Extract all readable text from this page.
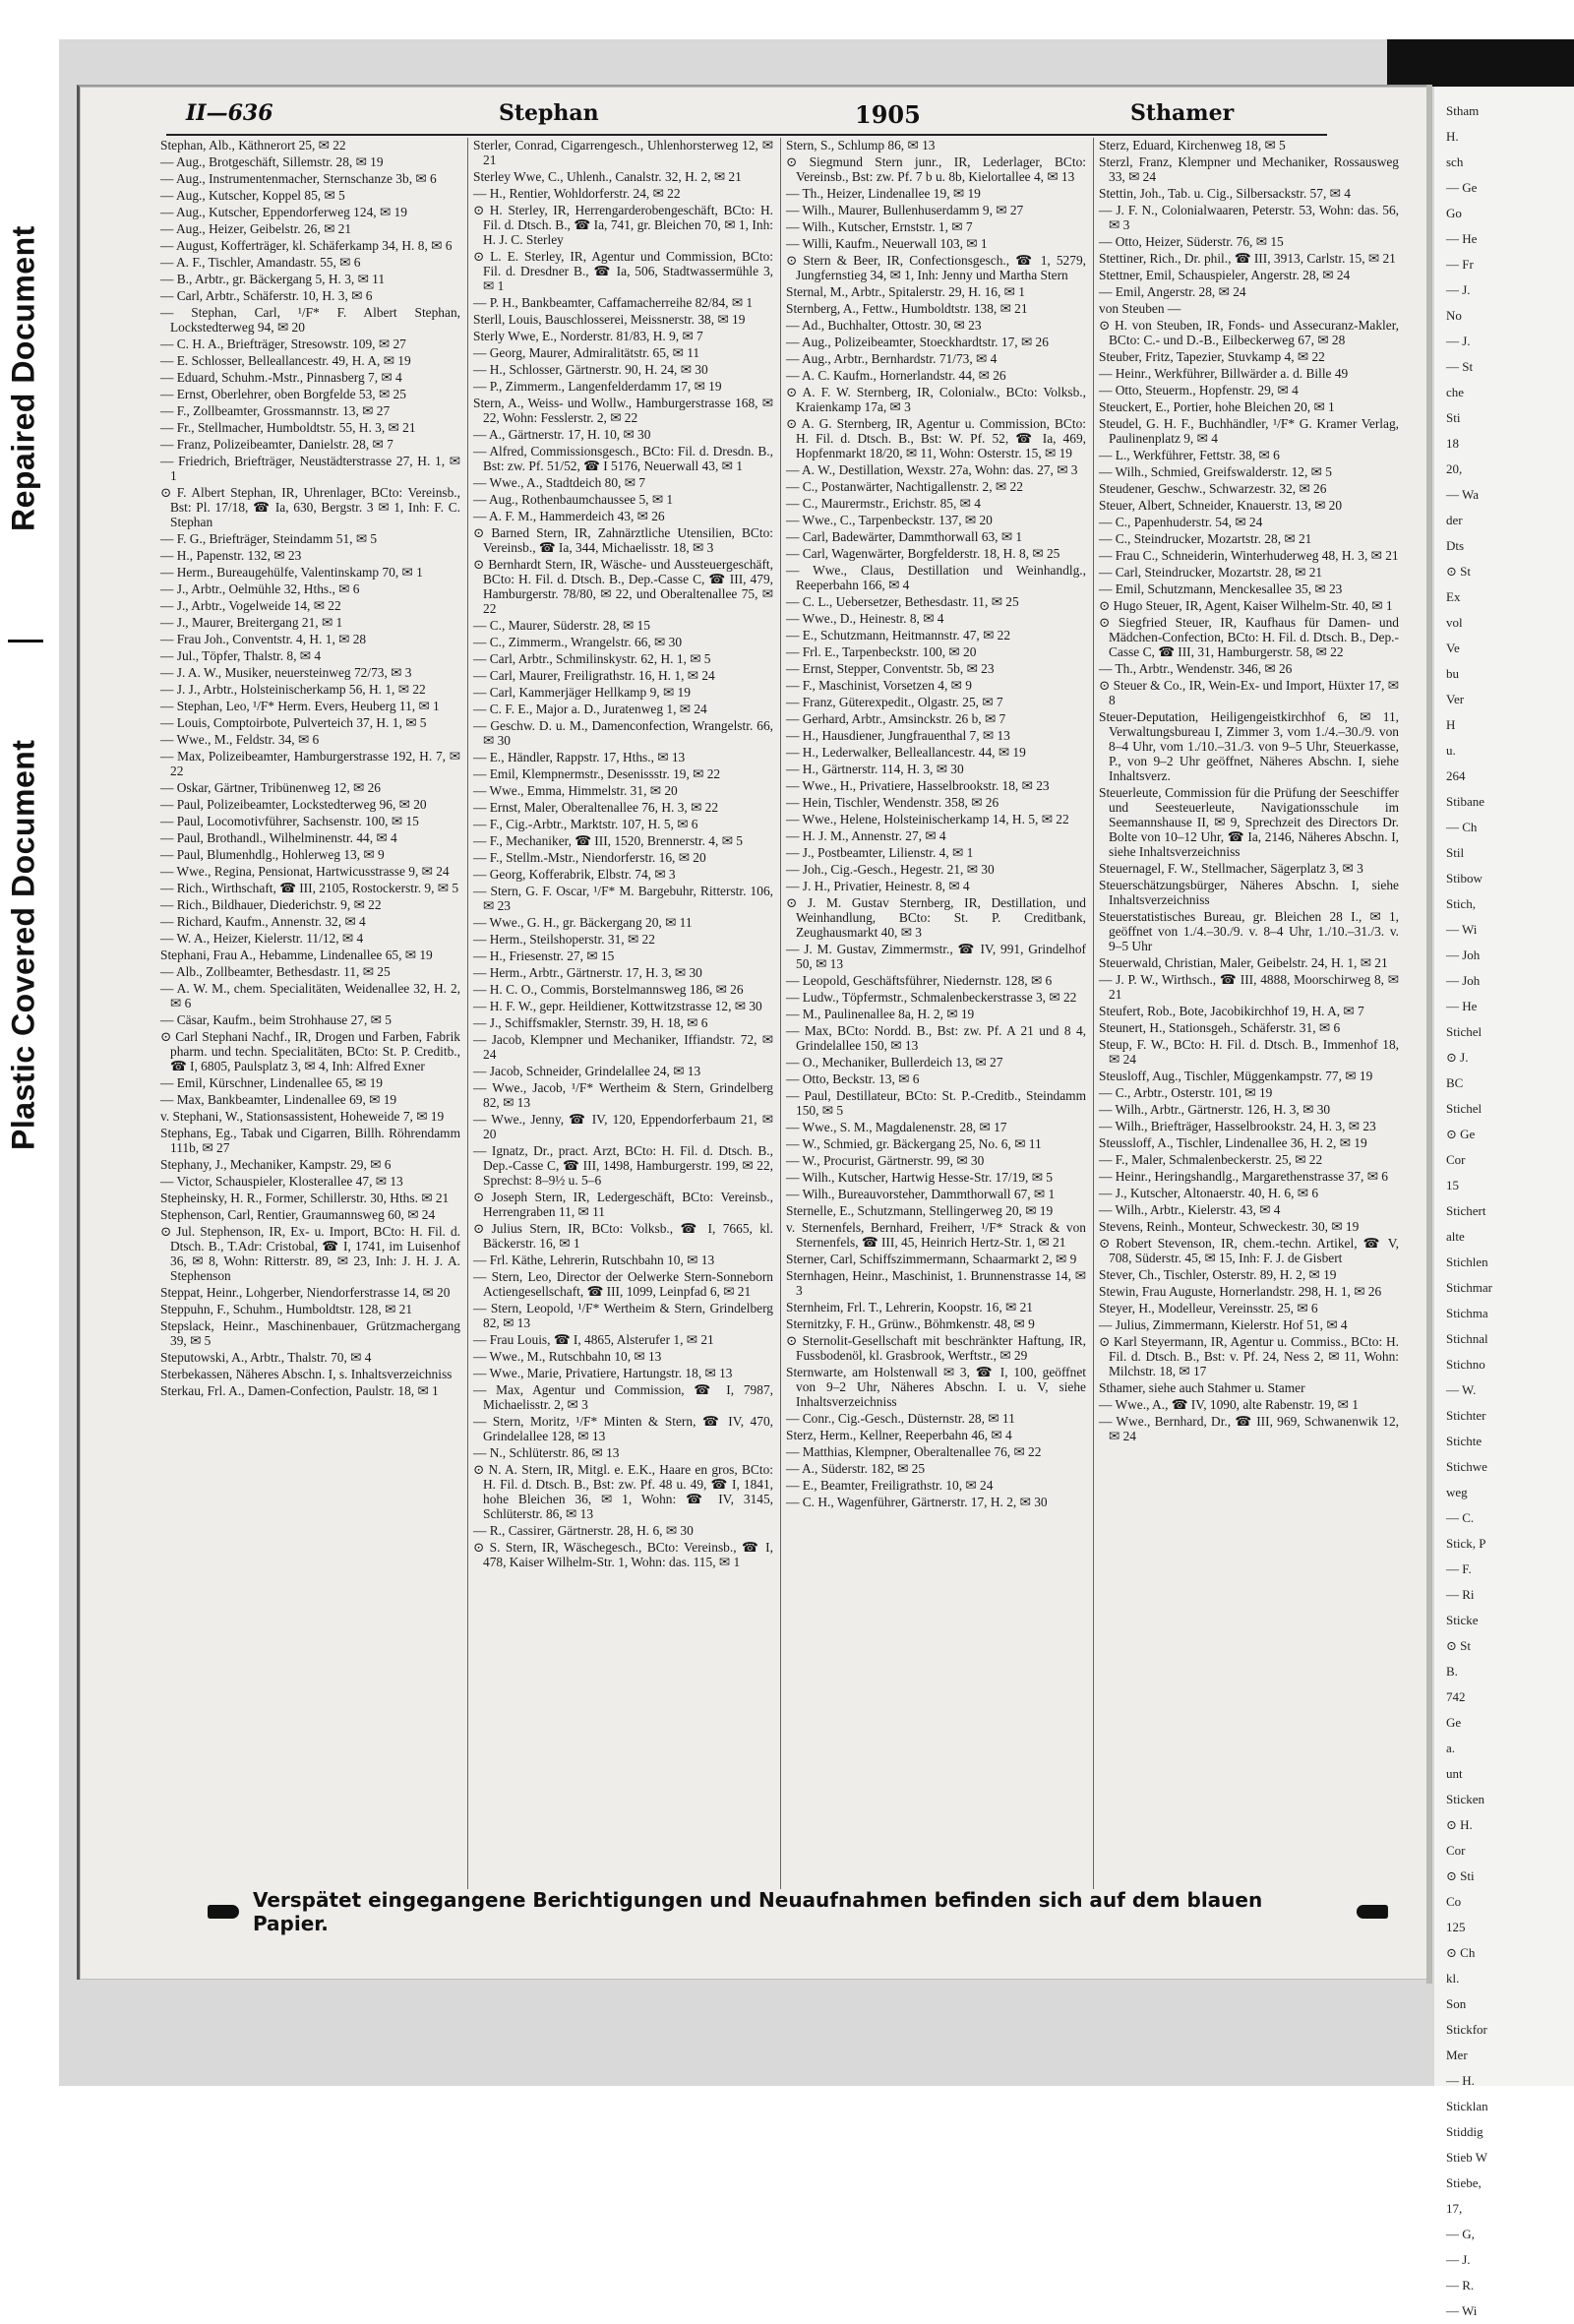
Repaired Document
Plastic Covered Document
II—636	Stephan	1905	Sthamer
Stephan, Alb., Käthnerort 25, ✉ 22
— Aug., Brotgeschäft, Sillemstr. 28, ✉ 19
— Aug., Instrumentenmacher, Sternschanze 3b, ✉ 6
— Aug., Kutscher, Koppel 85, ✉ 5
— Aug., Kutscher, Eppendorferweg 124, ✉ 19
— Aug., Heizer, Geibelstr. 26, ✉ 21
— August, Kofferträger, kl. Schäferkamp 34, H. 8, ✉ 6
— A. F., Tischler, Amandastr. 55, ✉ 6
— B., Arbtr., gr. Bäckergang 5, H. 3, ✉ 11
— Carl, Arbtr., Schäferstr. 10, H. 3, ✉ 6
— Stephan, Carl, ¹/F* F. Albert Stephan, Lockstedterweg 94, ✉ 20
— C. H. A., Briefträger, Stresowstr. 109, ✉ 27
— E. Schlosser, Belleallancestr. 49, H. A, ✉ 19
— Eduard, Schuhm.-Mstr., Pinnasberg 7, ✉ 4
— Ernst, Oberlehrer, oben Borgfelde 53, ✉ 25
— F., Zollbeamter, Grossmannstr. 13, ✉ 27
— Fr., Stellmacher, Humboldtstr. 55, H. 3, ✉ 21
— Franz, Polizeibeamter, Danielstr. 28, ✉ 7
— Friedrich, Briefträger, Neustädterstrasse 27, H. 1, ✉ 1
⊙ F. Albert Stephan, IR, Uhrenlager, BCto: Vereinsb., Bst: Pl. 17/18, ☎ Ia, 630, Bergstr. 3 ✉ 1, Inh: F. C. Stephan
— F. G., Briefträger, Steindamm 51, ✉ 5
— H., Papenstr. 132, ✉ 23
— Herm., Bureaugehülfe, Valentinskamp 70, ✉ 1
— J., Arbtr., Oelmühle 32, Hths., ✉ 6
— J., Arbtr., Vogelweide 14, ✉ 22
— J., Maurer, Breitergang 21, ✉ 1
— Frau Joh., Conventstr. 4, H. 1, ✉ 28
— Jul., Töpfer, Thalstr. 8, ✉ 4
— J. A. W., Musiker, neuersteinweg 72/73, ✉ 3
— J. J., Arbtr., Holsteinischerkamp 56, H. 1, ✉ 22
— Stephan, Leo, ¹/F* Herm. Evers, Heuberg 11, ✉ 1
— Louis, Comptoirbote, Pulverteich 37, H. 1, ✉ 5
— Wwe., M., Feldstr. 34, ✉ 6
— Max, Polizeibeamter, Hamburgerstrasse 192, H. 7, ✉ 22
— Oskar, Gärtner, Tribünenweg 12, ✉ 26
— Paul, Polizeibeamter, Lockstedterweg 96, ✉ 20
— Paul, Locomotivführer, Sachsenstr. 100, ✉ 15
— Paul, Brothandl., Wilhelminenstr. 44, ✉ 4
— Paul, Blumenhdlg., Hohlerweg 13, ✉ 9
— Wwe., Regina, Pensionat, Hartwicusstrasse 9, ✉ 24
— Rich., Wirthschaft, ☎ III, 2105, Rostockerstr. 9, ✉ 5
— Rich., Bildhauer, Diederichstr. 9, ✉ 22
— Richard, Kaufm., Annenstr. 32, ✉ 4
— W. A., Heizer, Kielerstr. 11/12, ✉ 4
Stephani, Frau A., Hebamme, Lindenallee 65, ✉ 19
— Alb., Zollbeamter, Bethesdastr. 11, ✉ 25
— A. W. M., chem. Specialitäten, Weidenallee 32, H. 2, ✉ 6
— Cäsar, Kaufm., beim Strohhause 27, ✉ 5
⊙ Carl Stephani Nachf., IR, Drogen und Farben, Fabrik pharm. und techn. Specialitäten, BCto: St. P. Creditb., ☎ I, 6805, Paulsplatz 3, ✉ 4, Inh: Alfred Exner
— Emil, Kürschner, Lindenallee 65, ✉ 19
— Max, Bankbeamter, Lindenallee 69, ✉ 19
v. Stephani, W., Stationsassistent, Hoheweide 7, ✉ 19
Stephans, Eg., Tabak und Cigarren, Billh. Röhrendamm 111b, ✉ 27
Stephany, J., Mechaniker, Kampstr. 29, ✉ 6
— Victor, Schauspieler, Klosterallee 47, ✉ 13
Stepheinsky, H. R., Former, Schillerstr. 30, Hths. ✉ 21
Stephenson, Carl, Rentier, Graumannsweg 60, ✉ 24
⊙ Jul. Stephenson, IR, Ex- u. Import, BCto: H. Fil. d. Dtsch. B., T.Adr: Cristobal, ☎ I, 1741, im Luisenhof 36, ✉ 8, Wohn: Ritterstr. 89, ✉ 23, Inh: J. H. J. A. Stephenson
Steppat, Heinr., Lohgerber, Niendorferstrasse 14, ✉ 20
Steppuhn, F., Schuhm., Humboldtstr. 128, ✉ 21
Stepslack, Heinr., Maschinenbauer, Grützmachergang 39, ✉ 5
Steputowski, A., Arbtr., Thalstr. 70, ✉ 4
Sterbekassen, Näheres Abschn. I, s. Inhaltsverzeichniss
Sterkau, Frl. A., Damen-Confection, Paulstr. 18, ✉ 1
Sterler, Conrad, Cigarrengesch., Uhlenhorsterweg 12, ✉ 21
Sterley Wwe, C., Uhlenh., Canalstr. 32, H. 2, ✉ 21
— H., Rentier, Wohldorferstr. 24, ✉ 22
⊙ H. Sterley, IR, Herrengarderobengeschäft, BCto: H. Fil. d. Dtsch. B., ☎ Ia, 741, gr. Bleichen 70, ✉ 1, Inh: H. J. C. Sterley
⊙ L. E. Sterley, IR, Agentur und Commission, BCto: Fil. d. Dresdner B., ☎ Ia, 506, Stadtwassermühle 3, ✉ 1
— P. H., Bankbeamter, Caffamacherreihe 82/84, ✉ 1
Sterll, Louis, Bauschlosserei, Meissnerstr. 38, ✉ 19
Sterly Wwe, E., Norderstr. 81/83, H. 9, ✉ 7
— Georg, Maurer, Admiralitätstr. 65, ✉ 11
— H., Schlosser, Gärtnerstr. 90, H. 24, ✉ 30
— P., Zimmerm., Langenfelderdamm 17, ✉ 19
Stern, A., Weiss- und Wollw., Hamburgerstrasse 168, ✉ 22, Wohn: Fesslerstr. 2, ✉ 22
— A., Gärtnerstr. 17, H. 10, ✉ 30
— Alfred, Commissionsgesch., BCto: Fil. d. Dresdn. B., Bst: zw. Pf. 51/52, ☎ I 5176, Neuerwall 43, ✉ 1
— Wwe., A., Stadtdeich 80, ✉ 7
— Aug., Rothenbaumchaussee 5, ✉ 1
— A. F. M., Hammerdeich 43, ✉ 26
⊙ Barned Stern, IR, Zahnärztliche Utensilien, BCto: Vereinsb., ☎ Ia, 344, Michaelisstr. 18, ✉ 3
⊙ Bernhardt Stern, IR, Wäsche- und Aussteuergeschäft, BCto: H. Fil. d. Dtsch. B., Dep.-Casse C, ☎ III, 479, Hamburgerstr. 78/80, ✉ 22, und Oberaltenallee 75, ✉ 22
— C., Maurer, Süderstr. 28, ✉ 15
— C., Zimmerm., Wrangelstr. 66, ✉ 30
— Carl, Arbtr., Schmilinskystr. 62, H. 1, ✉ 5
— Carl, Maurer, Freiligrathstr. 16, H. 1, ✉ 24
— Carl, Kammerjäger Hellkamp 9, ✉ 19
— C. F. E., Major a. D., Juratenweg 1, ✉ 24
— Geschw. D. u. M., Damenconfection, Wrangelstr. 66, ✉ 30
— E., Händler, Rappstr. 17, Hths., ✉ 13
— Emil, Klempnermstr., Desenissstr. 19, ✉ 22
— Wwe., Emma, Himmelstr. 31, ✉ 20
— Ernst, Maler, Oberaltenallee 76, H. 3, ✉ 22
— F., Cig.-Arbtr., Marktstr. 107, H. 5, ✉ 6
— F., Mechaniker, ☎ III, 1520, Brennerstr. 4, ✉ 5
— F., Stellm.-Mstr., Niendorferstr. 16, ✉ 20
— Georg, Kofferabrik, Elbstr. 74, ✉ 3
— Stern, G. F. Oscar, ¹/F* M. Bargebuhr, Ritterstr. 106, ✉ 23
— Wwe., G. H., gr. Bäckergang 20, ✉ 11
— Herm., Steilshoperstr. 31, ✉ 22
— H., Friesenstr. 27, ✉ 15
— Herm., Arbtr., Gärtnerstr. 17, H. 3, ✉ 30
— H. C. O., Commis, Borstelmannsweg 186, ✉ 26
— H. F. W., gepr. Heildiener, Kottwitzstrasse 12, ✉ 30
— J., Schiffsmakler, Sternstr. 39, H. 18, ✉ 6
— Jacob, Klempner und Mechaniker, Iffiandstr. 72, ✉ 24
— Jacob, Schneider, Grindelallee 24, ✉ 13
— Wwe., Jacob, ¹/F* Wertheim & Stern, Grindelberg 82, ✉ 13
— Wwe., Jenny, ☎ IV, 120, Eppendorferbaum 21, ✉ 20
— Ignatz, Dr., pract. Arzt, BCto: H. Fil. d. Dtsch. B., Dep.-Casse C, ☎ III, 1498, Hamburgerstr. 199, ✉ 22, Sprechst: 8–9½ u. 5–6
⊙ Joseph Stern, IR, Ledergeschäft, BCto: Vereinsb., Herrengraben 11, ✉ 11
⊙ Julius Stern, IR, BCto: Volksb., ☎ I, 7665, kl. Bäckerstr. 16, ✉ 1
— Frl. Käthe, Lehrerin, Rutschbahn 10, ✉ 13
— Stern, Leo, Director der Oelwerke Stern-Sonneborn Actiengesellschaft, ☎ III, 1099, Leinpfad 6, ✉ 21
— Stern, Leopold, ¹/F* Wertheim & Stern, Grindelberg 82, ✉ 13
— Frau Louis, ☎ I, 4865, Alsterufer 1, ✉ 21
— Wwe., M., Rutschbahn 10, ✉ 13
— Wwe., Marie, Privatiere, Hartungstr. 18, ✉ 13
— Max, Agentur und Commission, ☎ I, 7987, Michaelisstr. 2, ✉ 3
— Stern, Moritz, ¹/F* Minten & Stern, ☎ IV, 470, Grindelallee 128, ✉ 13
— N., Schlüterstr. 86, ✉ 13
⊙ N. A. Stern, IR, Mitgl. e. E.K., Haare en gros, BCto: H. Fil. d. Dtsch. B., Bst: zw. Pf. 48 u. 49, ☎ I, 1841, hohe Bleichen 36, ✉ 1, Wohn: ☎ IV, 3145, Schlüterstr. 86, ✉ 13
— R., Cassirer, Gärtnerstr. 28, H. 6, ✉ 30
⊙ S. Stern, IR, Wäschegesch., BCto: Vereinsb., ☎ I, 478, Kaiser Wilhelm-Str. 1, Wohn: das. 115, ✉ 1
Stern, S., Schlump 86, ✉ 13
⊙ Siegmund Stern junr., IR, Lederlager, BCto: Vereinsb., Bst: zw. Pf. 7 b u. 8b, Kielortallee 4, ✉ 13
— Th., Heizer, Lindenallee 19, ✉ 19
— Wilh., Maurer, Bullenhuserdamm 9, ✉ 27
— Wilh., Kutscher, Ernststr. 1, ✉ 7
— Willi, Kaufm., Neuerwall 103, ✉ 1
⊙ Stern & Beer, IR, Confectionsgesch., ☎ 1, 5279, Jungfernstieg 34, ✉ 1, Inh: Jenny und Martha Stern
Sternal, M., Arbtr., Spitalerstr. 29, H. 16, ✉ 1
Sternberg, A., Fettw., Humboldtstr. 138, ✉ 21
— Ad., Buchhalter, Ottostr. 30, ✉ 23
— Aug., Polizeibeamter, Stoeckhardtstr. 17, ✉ 26
— Aug., Arbtr., Bernhardstr. 71/73, ✉ 4
— A. C. Kaufm., Hornerlandstr. 44, ✉ 26
⊙ A. F. W. Sternberg, IR, Colonialw., BCto: Volksb., Kraienkamp 17a, ✉ 3
⊙ A. G. Sternberg, IR, Agentur u. Commission, BCto: H. Fil. d. Dtsch. B., Bst: W. Pf. 52, ☎ Ia, 469, Hopfenmarkt 18/20, ✉ 11, Wohn: Osterstr. 15, ✉ 19
— A. W., Destillation, Wexstr. 27a, Wohn: das. 27, ✉ 3
— C., Postanwärter, Nachtigallenstr. 2, ✉ 22
— C., Maurermstr., Erichstr. 85, ✉ 4
— Wwe., C., Tarpenbeckstr. 137, ✉ 20
— Carl, Badewärter, Dammthorwall 63, ✉ 1
— Carl, Wagenwärter, Borgfelderstr. 18, H. 8, ✉ 25
— Wwe., Claus, Destillation und Weinhandlg., Reeperbahn 166, ✉ 4
— C. L., Uebersetzer, Bethesdastr. 11, ✉ 25
— Wwe., D., Heinestr. 8, ✉ 4
— E., Schutzmann, Heitmannstr. 47, ✉ 22
— Frl. E., Tarpenbeckstr. 100, ✉ 20
— Ernst, Stepper, Conventstr. 5b, ✉ 23
— F., Maschinist, Vorsetzen 4, ✉ 9
— Franz, Güterexpedit., Olgastr. 25, ✉ 7
— Gerhard, Arbtr., Amsinckstr. 26 b, ✉ 7
— H., Hausdiener, Jungfrauenthal 7, ✉ 13
— H., Lederwalker, Belleallancestr. 44, ✉ 19
— H., Gärtnerstr. 114, H. 3, ✉ 30
— Wwe., H., Privatiere, Hasselbrookstr. 18, ✉ 23
— Hein, Tischler, Wendenstr. 358, ✉ 26
— Wwe., Helene, Holsteinischerkamp 14, H. 5, ✉ 22
— H. J. M., Annenstr. 27, ✉ 4
— J., Postbeamter, Lilienstr. 4, ✉ 1
— Joh., Cig.-Gesch., Hegestr. 21, ✉ 30
— J. H., Privatier, Heinestr. 8, ✉ 4
⊙ J. M. Gustav Sternberg, IR, Destillation, und Weinhandlung, BCto: St. P. Creditbank, Zeughausmarkt 40, ✉ 3
— J. M. Gustav, Zimmermstr., ☎ IV, 991, Grindelhof 50, ✉ 13
— Leopold, Geschäftsführer, Niedernstr. 128, ✉ 6
— Ludw., Töpfermstr., Schmalenbeckerstrasse 3, ✉ 22
— M., Paulinenallee 8a, H. 2, ✉ 19
— Max, BCto: Nordd. B., Bst: zw. Pf. A 21 und 8 4, Grindelallee 150, ✉ 13
— O., Mechaniker, Bullerdeich 13, ✉ 27
— Otto, Beckstr. 13, ✉ 6
— Paul, Destillateur, BCto: St. P.-Creditb., Steindamm 150, ✉ 5
— Wwe., S. M., Magdalenenstr. 28, ✉ 17
— W., Schmied, gr. Bäckergang 25, No. 6, ✉ 11
— W., Procurist, Gärtnerstr. 99, ✉ 30
— Wilh., Kutscher, Hartwig Hesse-Str. 17/19, ✉ 5
— Wilh., Bureauvorsteher, Dammthorwall 67, ✉ 1
Sternelle, E., Schutzmann, Stellingerweg 20, ✉ 19
v. Sternenfels, Bernhard, Freiherr, ¹/F* Strack & von Sternenfels, ☎ III, 45, Heinrich Hertz-Str. 1, ✉ 21
Sterner, Carl, Schiffszimmermann, Schaarmarkt 2, ✉ 9
Sternhagen, Heinr., Maschinist, 1. Brunnenstrasse 14, ✉ 3
Sternheim, Frl. T., Lehrerin, Koopstr. 16, ✉ 21
Sternitzky, F. H., Grünw., Böhmkenstr. 48, ✉ 9
⊙ Sternolit-Gesellschaft mit beschränkter Haftung, IR, Fussbodenöl, kl. Grasbrook, Werftstr., ✉ 29
Sternwarte, am Holstenwall ✉ 3, ☎ I, 100, geöffnet von 9–2 Uhr, Näheres Abschn. I. u. V, siehe Inhaltsverzeichniss
— Conr., Cig.-Gesch., Düsternstr. 28, ✉ 11
Sterz, Herm., Kellner, Reeperbahn 46, ✉ 4
— Matthias, Klempner, Oberaltenallee 76, ✉ 22
— A., Süderstr. 182, ✉ 25
— E., Beamter, Freiligrathstr. 10, ✉ 24
— C. H., Wagenführer, Gärtnerstr. 17, H. 2, ✉ 30
Sterz, Eduard, Kirchenweg 18, ✉ 5
Sterzl, Franz, Klempner und Mechaniker, Rossausweg 33, ✉ 24
Stettin, Joh., Tab. u. Cig., Silbersackstr. 57, ✉ 4
— J. F. N., Colonialwaaren, Peterstr. 53, Wohn: das. 56, ✉ 3
— Otto, Heizer, Süderstr. 76, ✉ 15
Stettiner, Rich., Dr. phil., ☎ III, 3913, Carlstr. 15, ✉ 21
Stettner, Emil, Schauspieler, Angerstr. 28, ✉ 24
— Emil, Angerstr. 28, ✉ 24
von Steuben —
⊙ H. von Steuben, IR, Fonds- und Assecuranz-Makler, BCto: C.- und D.-B., Eilbeckerweg 67, ✉ 28
Steuber, Fritz, Tapezier, Stuvkamp 4, ✉ 22
— Heinr., Werkführer, Billwärder a. d. Bille 49
— Otto, Steuerm., Hopfenstr. 29, ✉ 4
Steuckert, E., Portier, hohe Bleichen 20, ✉ 1
Steudel, G. H. F., Buchhändler, ¹/F* G. Kramer Verlag, Paulinenplatz 9, ✉ 4
— L., Werkführer, Fettstr. 38, ✉ 6
— Wilh., Schmied, Greifswalderstr. 12, ✉ 5
Steudener, Geschw., Schwarzestr. 32, ✉ 26
Steuer, Albert, Schneider, Knauerstr. 13, ✉ 20
— C., Papenhuderstr. 54, ✉ 24
— C., Steindrucker, Mozartstr. 28, ✉ 21
— Frau C., Schneiderin, Winterhuderweg 48, H. 3, ✉ 21
— Carl, Steindrucker, Mozartstr. 28, ✉ 21
— Emil, Schutzmann, Menckesallee 35, ✉ 23
⊙ Hugo Steuer, IR, Agent, Kaiser Wilhelm-Str. 40, ✉ 1
⊙ Siegfried Steuer, IR, Kaufhaus für Damen- und Mädchen-Confection, BCto: H. Fil. d. Dtsch. B., Dep.-Casse C, ☎ III, 31, Hamburgerstr. 58, ✉ 22
— Th., Arbtr., Wendenstr. 346, ✉ 26
⊙ Steuer & Co., IR, Wein-Ex- und Import, Hüxter 17, ✉ 8
Steuer-Deputation, Heiligengeistkirchhof 6, ✉ 11, Verwaltungsbureau I, Zimmer 3, vom 1./4.–30./9. von 8–4 Uhr, vom 1./10.–31./3. von 9–5 Uhr, Steuerkasse, P., von 9–2 Uhr geöffnet, Näheres Abschn. I, siehe Inhaltsverz.
Steuerleute, Commission für die Prüfung der Seeschiffer und Seesteuerleute, Navigationsschule im Seemannshause II, ✉ 9, Sprechzeit des Directors Dr. Bolte von 10–12 Uhr, ☎ Ia, 2146, Näheres Abschn. I, siehe Inhaltsverzeichniss
Steuernagel, F. W., Stellmacher, Sägerplatz 3, ✉ 3
Steuerschätzungsbürger, Näheres Abschn. I, siehe Inhaltsverzeichniss
Steuerstatistisches Bureau, gr. Bleichen 28 I., ✉ 1, geöffnet von 1./4.–30./9. v. 8–4 Uhr, 1./10.–31./3. v. 9–5 Uhr
Steuerwald, Christian, Maler, Geibelstr. 24, H. 1, ✉ 21
— J. P. W., Wirthsch., ☎ III, 4888, Moorschirweg 8, ✉ 21
Steufert, Rob., Bote, Jacobikirchhof 19, H. A, ✉ 7
Steunert, H., Stationsgeh., Schäferstr. 31, ✉ 6
Steup, F. W., BCto: H. Fil. d. Dtsch. B., Immenhof 18, ✉ 24
Steusloff, Aug., Tischler, Müggenkampstr. 77, ✉ 19
— C., Arbtr., Osterstr. 101, ✉ 19
— Wilh., Arbtr., Gärtnerstr. 126, H. 3, ✉ 30
— Wilh., Briefträger, Hasselbrookstr. 24, H. 3, ✉ 23
Steussloff, A., Tischler, Lindenallee 36, H. 2, ✉ 19
— F., Maler, Schmalenbeckerstr. 25, ✉ 22
— Heinr., Heringshandlg., Margarethenstrasse 37, ✉ 6
— J., Kutscher, Altonaerstr. 40, H. 6, ✉ 6
— Wilh., Arbtr., Kielerstr. 43, ✉ 4
Stevens, Reinh., Monteur, Schweckestr. 30, ✉ 19
⊙ Robert Stevenson, IR, chem.-techn. Artikel, ☎ V, 708, Süderstr. 45, ✉ 15, Inh: F. J. de Gisbert
Stever, Ch., Tischler, Osterstr. 89, H. 2, ✉ 19
Stewin, Frau Auguste, Hornerlandstr. 298, H. 1, ✉ 26
Steyer, H., Modelleur, Vereinsstr. 25, ✉ 6
— Julius, Zimmermann, Kielerstr. Hof 51, ✉ 4
⊙ Karl Steyermann, IR, Agentur u. Commiss., BCto: H. Fil. d. Dtsch. B., Bst: v. Pf. 24, Ness 2, ✉ 11, Wohn: Milchstr. 18, ✉ 17
Sthamer, siehe auch Stahmer u. Stamer
— Wwe., A., ☎ IV, 1090, alte Rabenstr. 19, ✉ 1
— Wwe., Bernhard, Dr., ☎ III, 969, Schwanenwik 12, ✉ 24
Verspätet eingegangene Berichtigungen und Neuaufnahmen befinden sich auf dem blauen Papier.
Stham
H.
sch
— Ge
Go
— He
— Fr
— J.
No
— J.
— St
che
Sti
18
20,
— Wa
der
Dts
⊙ St
Ex
vol
Ve
bu
Ver
H
u.
264
Stibane
— Ch
Stil
Stibow
Stich,
— Wi
— Joh
— Joh
— He
Stichel
⊙ J.
BC
Stichel
⊙ Ge
Cor
15
Stichert
alte
Stichlen
Stichmar
Stichma
Stichnal
Stichno
— W.
Stichter
Stichte
Stichwe
weg
— C.
Stick, P
— F.
— Ri
Sticke
⊙ St
B.
742
Ge
a.
unt
Sticken
⊙ H.
Cor
⊙ Sti
Co
125
⊙ Ch
kl.
Son
Stickfor
Mer
— H.
Sticklan
Stiddig
Stieb W
Stiebe,
17,
— G,
— J.
— R.
— Wi
